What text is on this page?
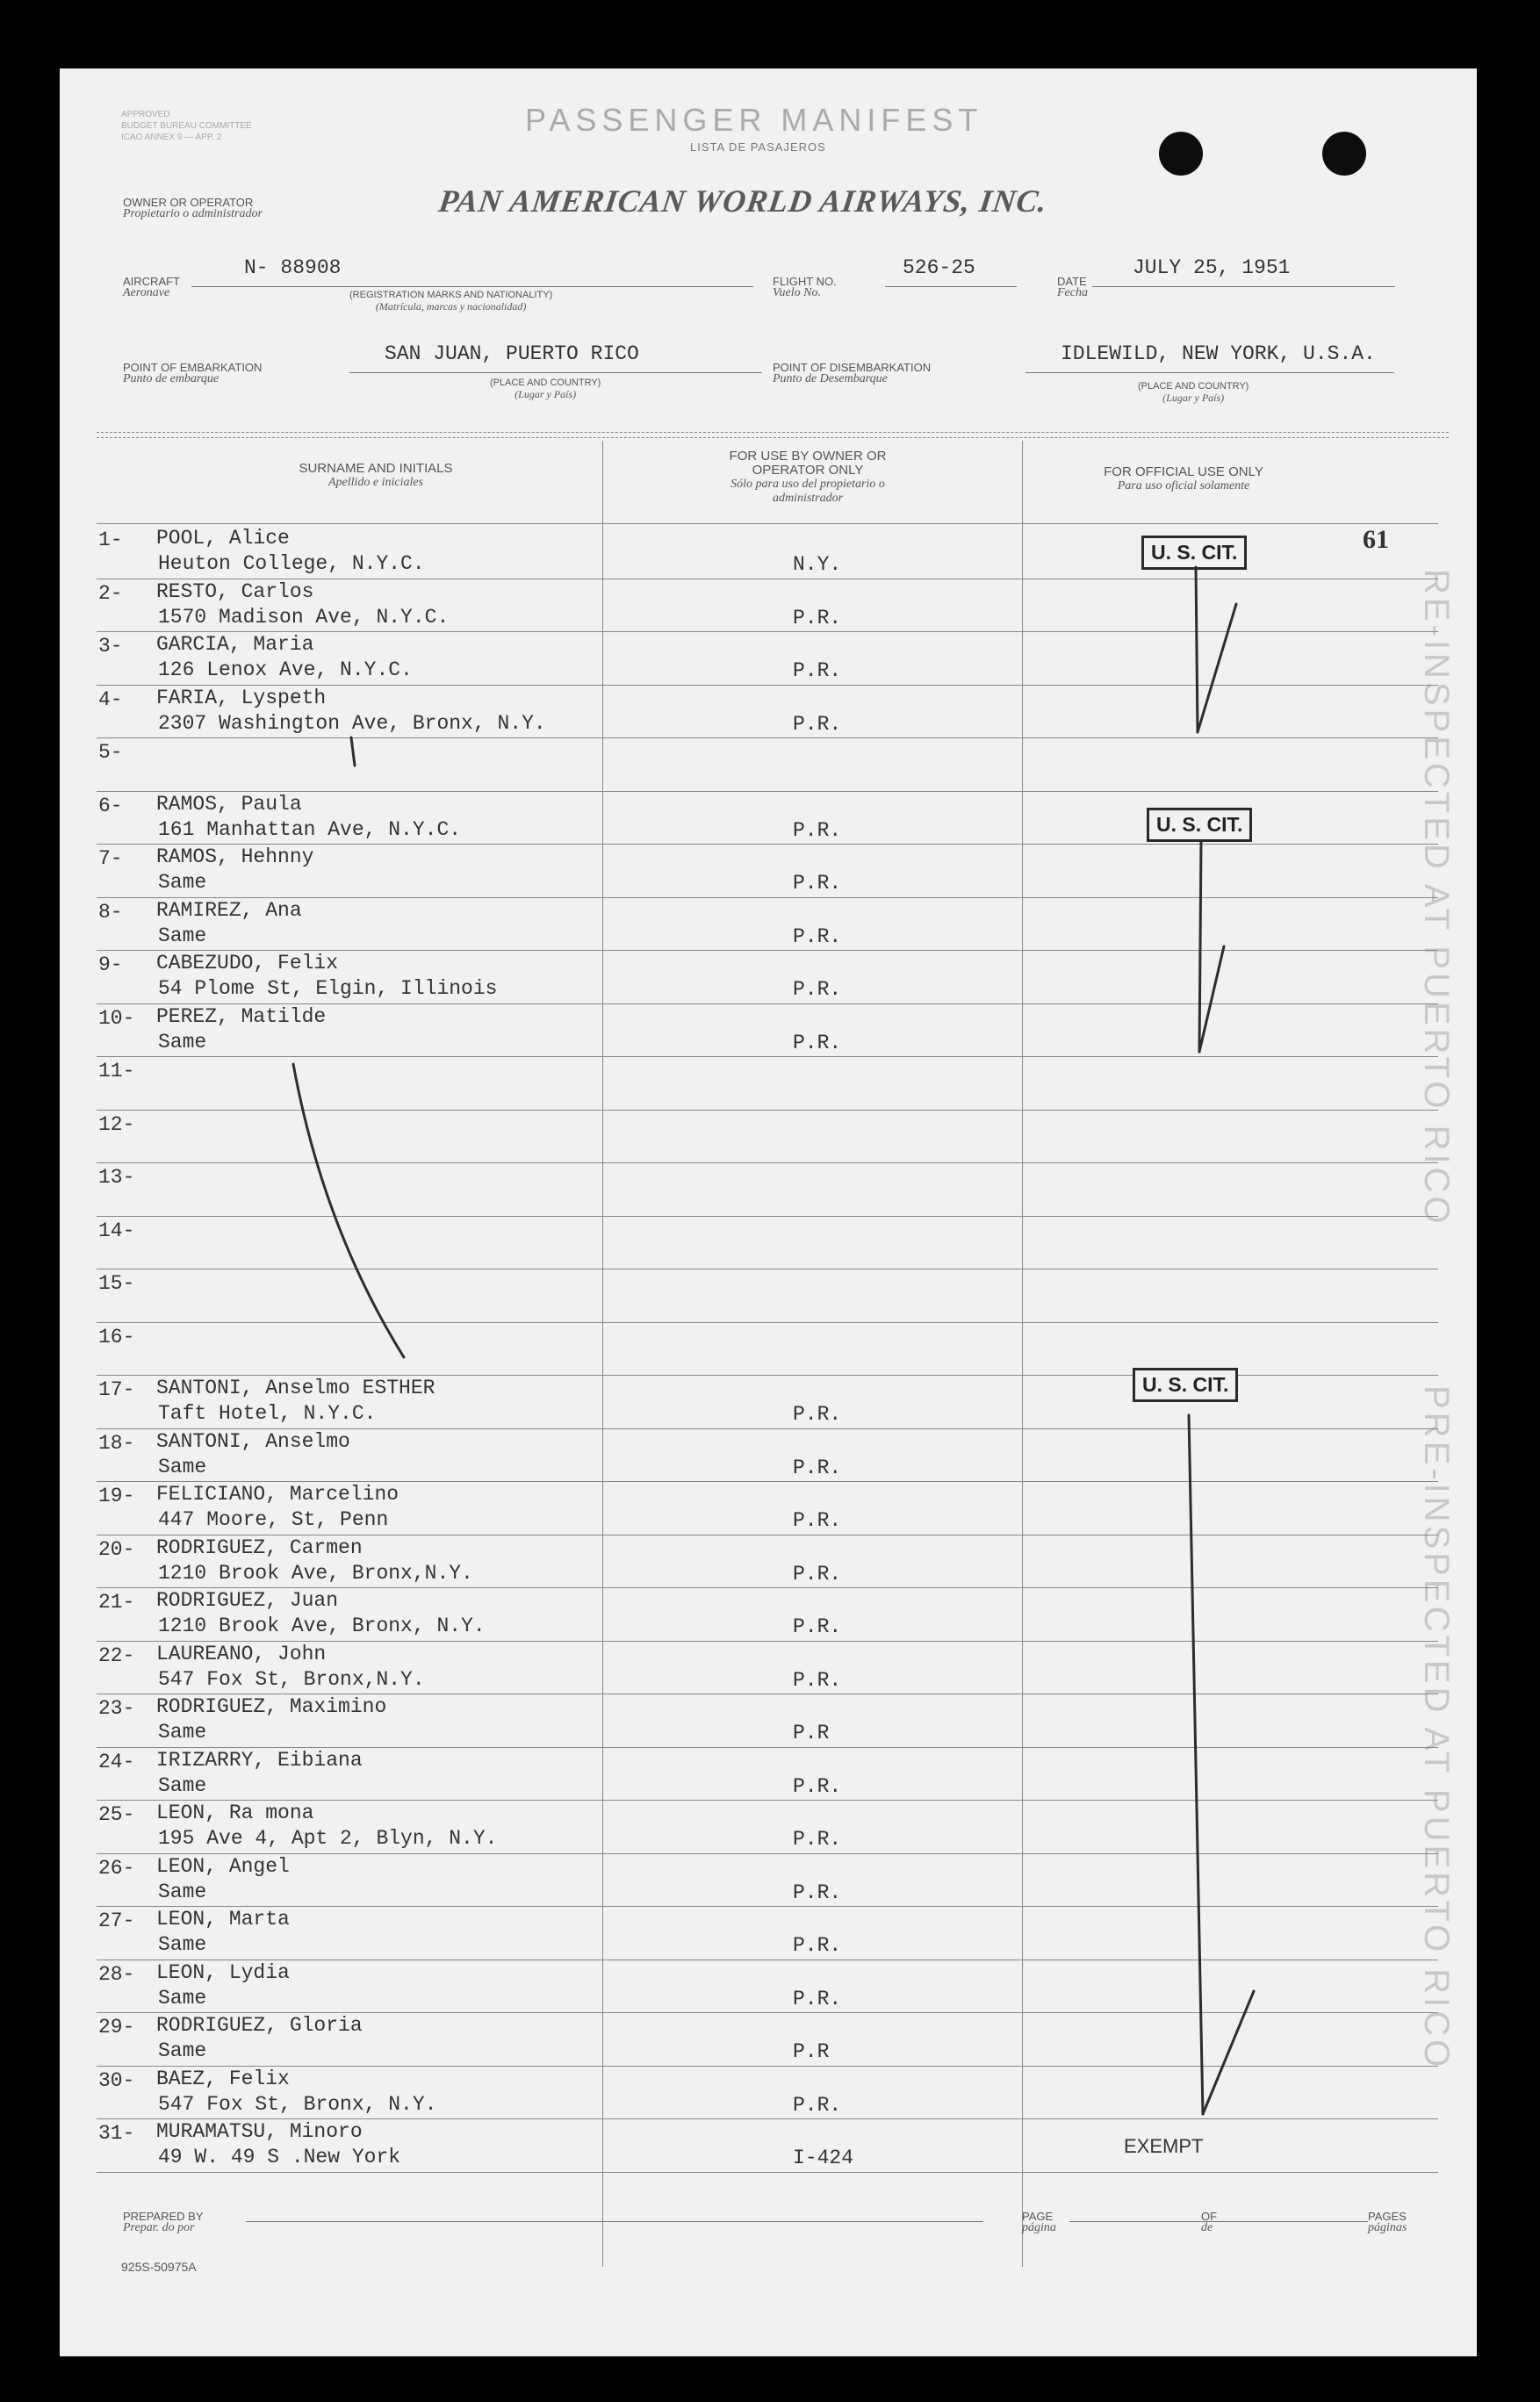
APPROVED
BUDGET BUREAU COMMITTEE
ICAO ANNEX 9 — APP. 2	PASSENGER MANIFEST
LISTA DE PASAJEROS
OWNER OR OPERATOR
Propietario o administrador	PAN AMERICAN WORLD AIRWAYS, INC.
AIRCRAFT
Aeronave
N- 88908
(REGISTRATION MARKS AND NATIONALITY)
(Matrícula, marcas y nacionalidad)
FLIGHT NO.
Vuelo No.
526-25
DATE
Fecha
JULY 25, 1951
POINT OF EMBARKATION
Punto de embarque
SAN JUAN, PUERTO RICO
(PLACE AND COUNTRY)
(Lugar y País)
POINT OF DISEMBARKATION
Punto de Desembarque
IDLEWILD, NEW YORK, U.S.A.
(PLACE AND COUNTRY)
(Lugar y País)
SURNAME AND INITIALS
Apellido e iniciales
FOR USE BY OWNER OR OPERATOR ONLY
Sólo para uso del propietario o administrador
FOR OFFICIAL USE ONLY
Para uso oficial solamente
RE-INSPECTED AT PUERTO RICO
PRE-INSPECTED AT PUERTO RICO
61
1- POOL, Alice
Heuton College, N.Y.C.	N.Y.
2- RESTO, Carlos
1570 Madison Ave, N.Y.C.	P.R.
3- GARCIA, Maria
126 Lenox Ave, N.Y.C.	P.R.
4- FARIA, Lyspeth
2307 Washington Ave, Bronx, N.Y.	P.R.
5-
6- RAMOS, Paula
161 Manhattan Ave, N.Y.C.	P.R.
7- RAMOS, Hehnny
Same	P.R.
8- RAMIREZ, Ana
Same	P.R.
9- CABEZUDO, Felix
54 Plome St, Elgin, Illinois	P.R.
10- PEREZ, Matilde
Same	P.R.
11-
12-
13-
14-
15-
16-
17- SANTONI, Anselmo ESTHER
Taft Hotel, N.Y.C.	P.R.
18- SANTONI, Anselmo
Same	P.R.
19- FELICIANO, Marcelino
447 Moore, St, Penn	P.R.
20- RODRIGUEZ, Carmen
1210 Brook Ave, Bronx,N.Y.	P.R.
21- RODRIGUEZ, Juan
1210 Brook Ave, Bronx, N.Y.	P.R.
22- LAUREANO, John
547 Fox St, Bronx,N.Y.	P.R.
23- RODRIGUEZ, Maximino
Same	P.R
24- IRIZARRY, Eibiana
Same	P.R.
25- LEON, Ra mona
195 Ave 4, Apt 2, Blyn, N.Y.	P.R.
26- LEON, Angel
Same	P.R.
27- LEON, Marta
Same	P.R.
28- LEON, Lydia
Same	P.R.
29- RODRIGUEZ, Gloria
Same	P.R
30- BAEZ, Felix
547 Fox St, Bronx, N.Y.	P.R.
31- MURAMATSU, Minoro
49 W. 49 S .New York	I-424
U. S. CIT.
U. S. CIT.
U. S. CIT.
EXEMPT
PREPARED BY
Prepar. do por
PAGE
página
OF
de
PAGES
páginas
925S-50975A
